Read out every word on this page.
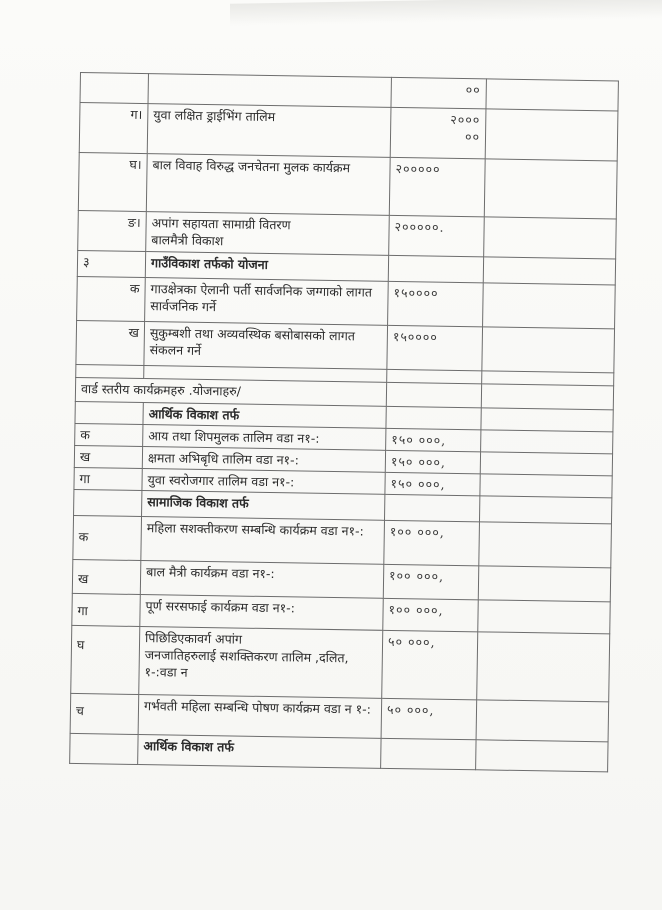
		००	
ग।	युवा लक्षित ड्राईभिंग तालिम	२०००
००	

घ।	बाल विवाह विरुद्ध जनचेतना मुलक कार्यक्रम	२०००००	
ङ।	अपांग सहायता सामाग्री वितरण
बालमैत्री विकाश	२०००००.	
३	गाउँविकाश तर्फको योजना		
क	गाउक्षेत्रका ऐलानी पर्ती सार्वजनिक जग्गाको लागत सार्वजनिक गर्ने	१५००००	
ख	सुकुम्बशी तथा अव्यवस्थिक बसोबासको लागत संकलन गर्ने	१५००००	

वार्ड स्तरीय कार्यक्रमहरु .योजनाहरु/			
	आर्थिक विकाश तर्फ		
क	आय तथा शिपमुलक तालिम वडा न१-:	१५० ०००,	
ख	क्षमता अभिबृधि तालिम वडा न१-:	१५० ०००,	
गा	युवा स्वरोजगार तालिम वडा न१-:	१५० ०००,	
	सामाजिक विकाश तर्फ		
क	महिला सशक्तीकरण सम्बन्धि कार्यक्रम वडा न१-:	१०० ०००,	
ख	बाल मैत्री कार्यक्रम वडा न१-:	१०० ०००,	
गा	पूर्ण सरसफाई कार्यक्रम वडा न१-:	१०० ०००,	
घ	पिछिडिएकावर्ग अपांग
जनजातिहरुलाई सशक्तिकरण तालिम ,दलित,
१-:वडा न	५० ०००,	
च	गर्भवती महिला सम्बन्धि पोषण कार्यक्रम वडा न १-:	५० ०००,	
	आर्थिक विकाश तर्फ		
